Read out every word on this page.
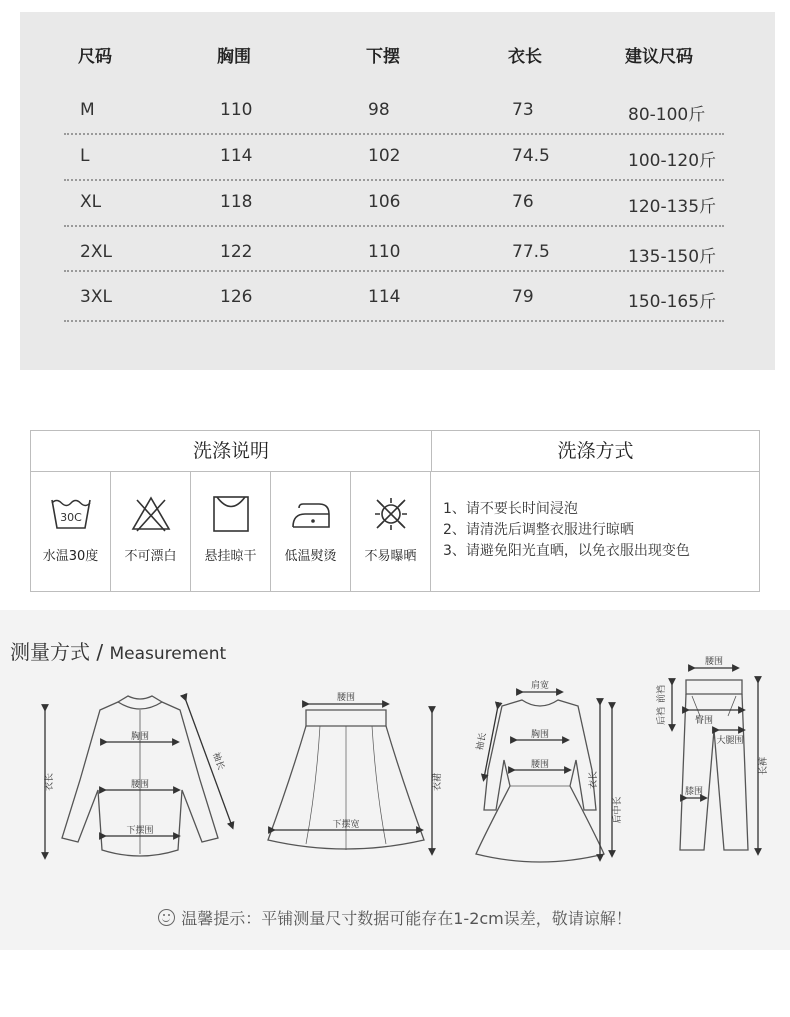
尺码	胸围	下摆	衣长	建议尺码
M	110	98	73	80-100斤
L	114	102	74.5	100-120斤
XL	118	106	76	120-135斤
2XL	122	110	77.5	135-150斤
3XL	126	114	79	150-165斤
洗涤说明	洗涤方式
30C
水温30度	不可漂白	悬挂晾干	低温熨烫	不易曝晒
1、请不要长时间浸泡
2、请清洗后调整衣服进行晾晒
3、请避免阳光直晒，以免衣服出现变色
测量方式 / Measurement
胸围
腰围
下摆围
衣长
袖长
腰围
下摆宽
衣裙
肩宽
胸围
腰围
袖长
衣长
后中长
腰围
臀围
大腿围
膝围
前裆
后裆
长裤
温馨提示：平铺测量尺寸数据可能存在1-2cm误差，敬请谅解！
